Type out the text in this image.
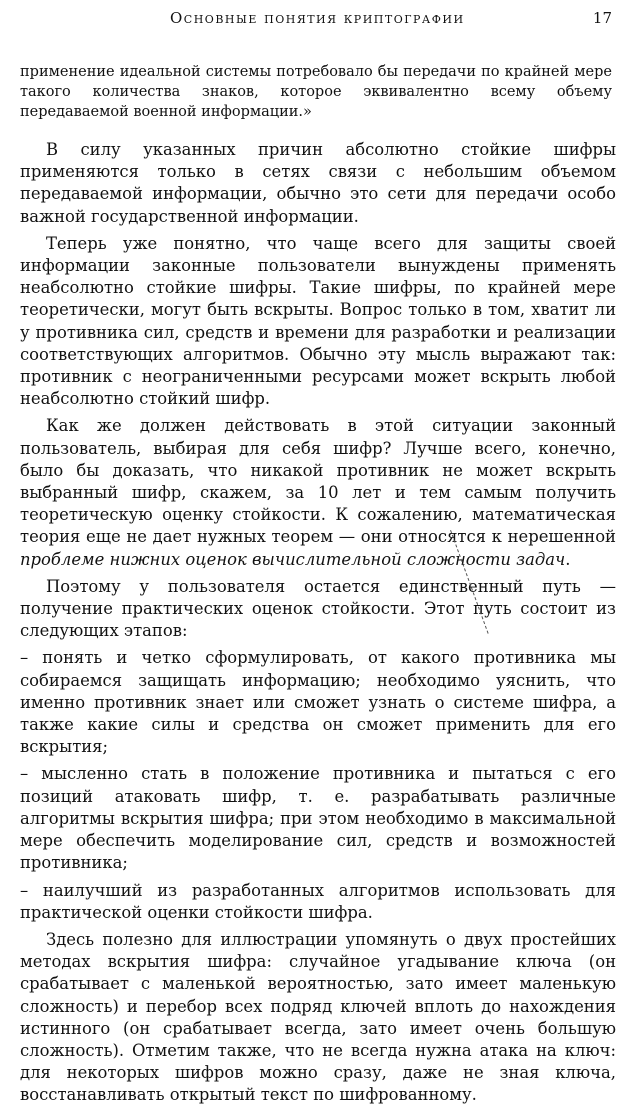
Основные понятия криптографии	17

применение идеальной системы потребовало бы передачи по крайней мере такого количества знаков, которое эквивалентно всему объему передаваемой военной информации.»

В силу указанных причин абсолютно стойкие шифры применяются только в сетях связи с небольшим объемом передаваемой информации, обычно это сети для передачи особо важной государственной информации.

Теперь уже понятно, что чаще всего для защиты своей информации законные пользователи вынуждены применять неабсолютно стойкие шифры. Такие шифры, по крайней мере теоретически, могут быть вскрыты. Вопрос только в том, хватит ли у противника сил, средств и времени для разработки и реализации соответствующих алгоритмов. Обычно эту мысль выражают так: противник с неограниченными ресурсами может вскрыть любой неабсолютно стойкий шифр.

Как же должен действовать в этой ситуации законный пользователь, выбирая для себя шифр? Лучше всего, конечно, было бы доказать, что никакой противник не может вскрыть выбранный шифр, скажем, за 10 лет и тем самым получить теоретическую оценку стойкости. К сожалению, математическая теория еще не дает нужных теорем — они относятся к нерешенной проблеме нижних оценок вычислительной сложности задач.

Поэтому у пользователя остается единственный путь — получение практических оценок стойкости. Этот путь состоит из следующих этапов:

– понять и четко сформулировать, от какого противника мы собираемся защищать информацию; необходимо уяснить, что именно противник знает или сможет узнать о системе шифра, а также какие силы и средства он сможет применить для его вскрытия;

– мысленно стать в положение противника и пытаться с его позиций атаковать шифр, т. е. разрабатывать различные алгоритмы вскрытия шифра; при этом необходимо в максимальной мере обеспечить моделирование сил, средств и возможностей противника;

– наилучший из разработанных алгоритмов использовать для практической оценки стойкости шифра.

Здесь полезно для иллюстрации упомянуть о двух простейших методах вскрытия шифра: случайное угадывание ключа (он срабатывает с маленькой вероятностью, зато имеет маленькую сложность) и перебор всех подряд ключей вплоть до нахождения истинного (он срабатывает всегда, зато имеет очень большую сложность). Отметим также, что не всегда нужна атака на ключ: для некоторых шифров можно сразу, даже не зная ключа, восстанавливать открытый текст по шифрованному.
